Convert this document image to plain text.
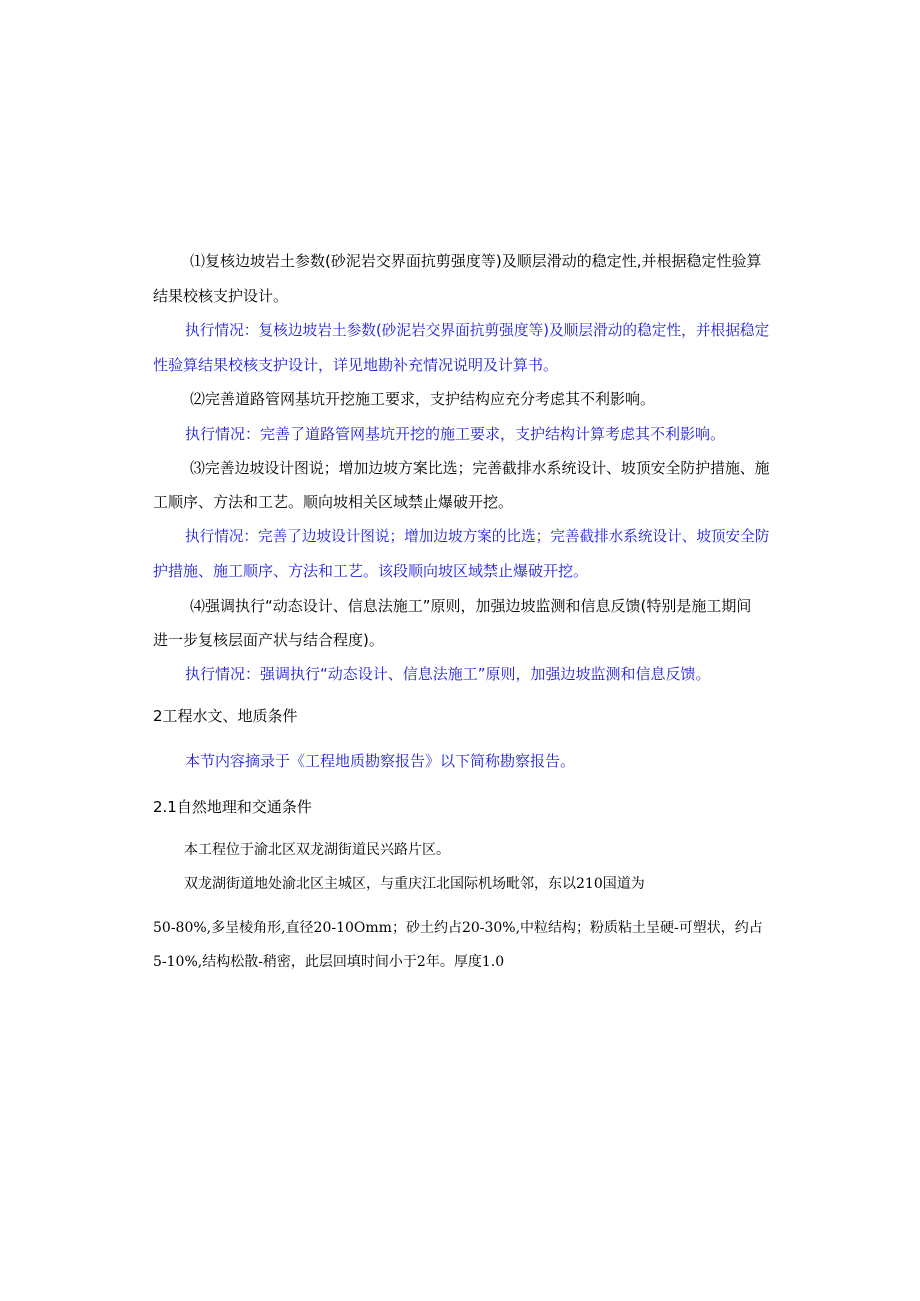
⑴复核边坡岩土参数(砂泥岩交界面抗剪强度等)及顺层滑动的稳定性,并根据稳定性验算
结果校核支护设计。
执行情况：复核边坡岩土参数(砂泥岩交界面抗剪强度等)及顺层滑动的稳定性，并根据稳定
性验算结果校核支护设计，详见地勘补充情况说明及计算书。
⑵完善道路管网基坑开挖施工要求，支护结构应充分考虑其不利影响。
执行情况：完善了道路管网基坑开挖的施工要求，支护结构计算考虑其不利影响。
⑶完善边坡设计图说；增加边坡方案比选；完善截排水系统设计、坡顶安全防护措施、施
工顺序、方法和工艺。顺向坡相关区域禁止爆破开挖。
执行情况：完善了边坡设计图说；增加边坡方案的比选；完善截排水系统设计、坡顶安全防
护措施、施工顺序、方法和工艺。该段顺向坡区域禁止爆破开挖。
⑷强调执行“动态设计、信息法施工”原则，加强边坡监测和信息反馈(特别是施工期间
进一步复核层面产状与结合程度)。
执行情况：强调执行“动态设计、信息法施工”原则，加强边坡监测和信息反馈。
2工程水文、地质条件
本节内容摘录于《工程地质勘察报告》以下简称勘察报告。
2.1自然地理和交通条件
本工程位于渝北区双龙湖街道民兴路片区。
双龙湖街道地处渝北区主城区，与重庆江北国际机场毗邻，东以210国道为
50-80%,多呈棱角形,直径20-10Omm；砂土约占20-30%,中粒结构；粉质粘土呈硬-可塑状，约占
5-10%,结构松散-稍密，此层回填时间小于2年。厚度1.0
